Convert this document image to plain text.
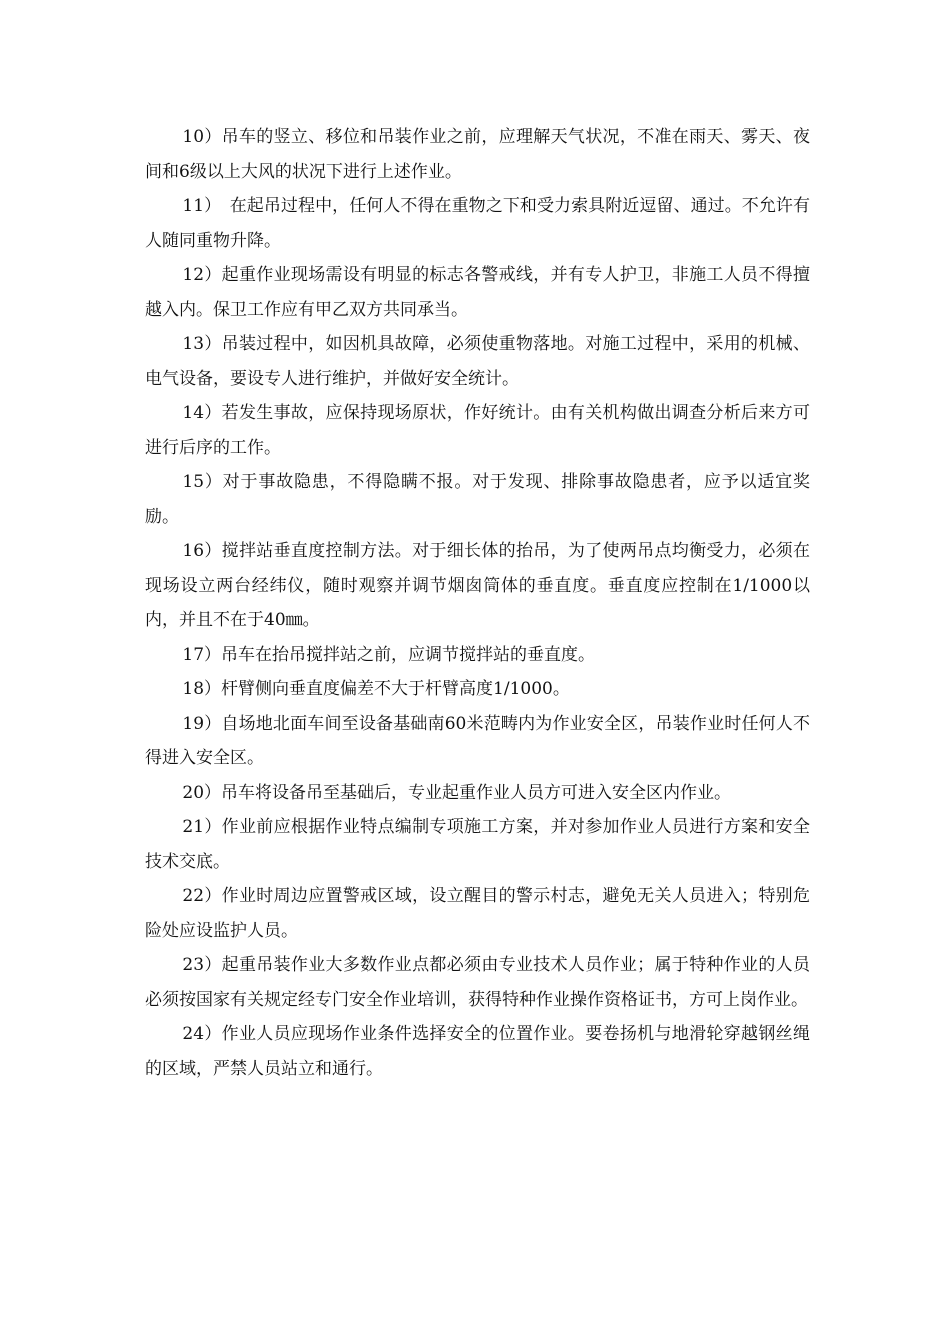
10）吊车的竖立、移位和吊装作业之前，应理解天气状况，不准在雨天、雾天、夜间和6级以上大风的状况下进行上述作业。

11）　在起吊过程中，任何人不得在重物之下和受力索具附近逗留、通过。不允许有人随同重物升降。

12）起重作业现场需设有明显的标志各警戒线，并有专人护卫，非施工人员不得擅越入内。保卫工作应有甲乙双方共同承当。

13）吊装过程中，如因机具故障，必须使重物落地。对施工过程中，采用的机械、电气设备，要设专人进行维护，并做好安全统计。

14）若发生事故，应保持现场原状，作好统计。由有关机构做出调查分析后来方可进行后序的工作。

15）对于事故隐患，不得隐瞒不报。对于发现、排除事故隐患者，应予以适宜奖励。

16）搅拌站垂直度控制方法。对于细长体的抬吊，为了使两吊点均衡受力，必须在现场设立两台经纬仪，随时观察并调节烟囱筒体的垂直度。垂直度应控制在1/1000以内，并且不在于40㎜。

17）吊车在抬吊搅拌站之前，应调节搅拌站的垂直度。

18）杆臂侧向垂直度偏差不大于杆臂高度1/1000。

19）自场地北面车间至设备基础南60米范畴内为作业安全区，吊装作业时任何人不得进入安全区。

20）吊车将设备吊至基础后，专业起重作业人员方可进入安全区内作业。

21）作业前应根据作业特点编制专项施工方案，并对参加作业人员进行方案和安全技术交底。

22）作业时周边应置警戒区域，设立醒目的警示村志，避免无关人员进入；特别危险处应设监护人员。

23）起重吊装作业大多数作业点都必须由专业技术人员作业；属于特种作业的人员必须按国家有关规定经专门安全作业培训，获得特种作业操作资格证书，方可上岗作业。

24）作业人员应现场作业条件选择安全的位置作业。要卷扬机与地滑轮穿越钢丝绳的区域，严禁人员站立和通行。
